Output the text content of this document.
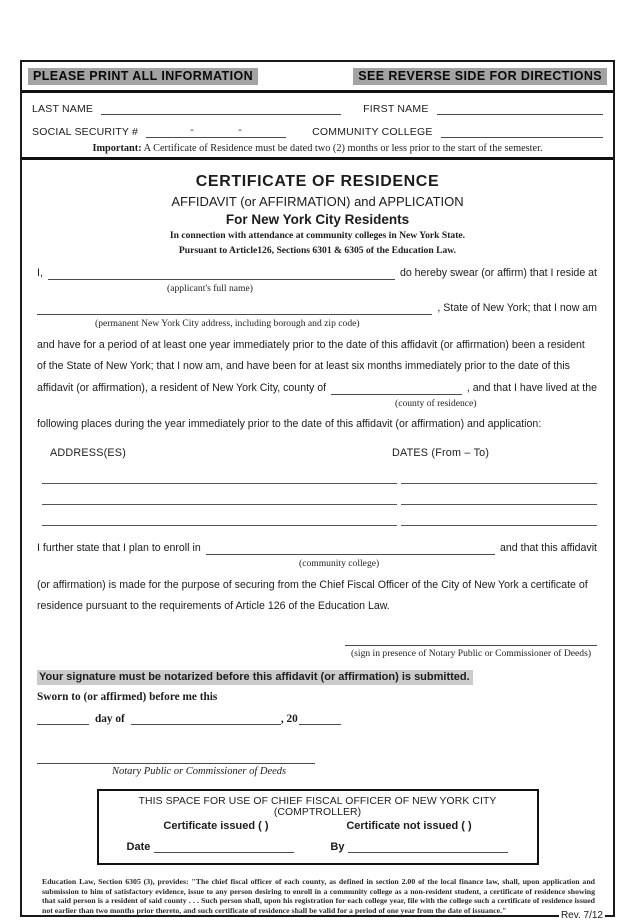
PLEASE PRINT ALL INFORMATION	SEE REVERSE SIDE FOR DIRECTIONS
LAST NAME	FIRST NAME
SOCIAL SECURITY #	-	-	COMMUNITY COLLEGE
Important: A Certificate of Residence must be dated two (2) months or less prior to the start of the semester.
CERTIFICATE OF RESIDENCE
AFFIDAVIT (or AFFIRMATION) and APPLICATION
For New York City Residents
In connection with attendance at community colleges in New York State.
Pursuant to Article126, Sections 6301 & 6305 of the Education Law.
I,	do hereby swear (or affirm) that I reside at
(applicant's full name)
, State of New York; that I now am
(permanent New York City address, including borough and zip code)
and have for a period of at least one year immediately prior to the date of this affidavit (or affirmation) been a resident
of the State of New York; that I now am, and have been for at least six months immediately prior to the date of this
affidavit (or affirmation), a resident of New York City, county of	, and that I have lived at the
(county of residence)
following places during the year immediately prior to the date of this affidavit (or affirmation) and application:
ADDRESS(ES)	DATES (From – To)
I further state that I plan to enroll in	and that this affidavit
(community college)
(or affirmation) is made for the purpose of securing from the Chief Fiscal Officer of the City of New York a certificate of
residence pursuant to the requirements of Article 126 of the Education Law.
(sign in presence of Notary Public or Commissioner of Deeds)
Your signature must be notarized before this affidavit (or affirmation) is submitted.
Sworn to (or affirmed) before me this
day of	, 20
Notary Public or Commissioner of Deeds
THIS SPACE FOR USE OF CHIEF FISCAL OFFICER OF NEW YORK CITY (COMPTROLLER)
Certificate issued ( )	Certificate not issued ( )
Date	By
Education Law, Section 6305 (3), provides: "The chief fiscal officer of each county, as defined in section 2.00 of the local finance law, shall, upon application and submission to him of satisfactory evidence, issue to any person desiring to enroll in a community college as a non-resident student, a certificate of residence showing that said person is a resident of said county . . . Such person shall, upon his registration for each college year, file with the college such a certificate of residence issued not earlier than two months prior thereto, and such certificate of residence shall be valid for a period of one year from the date of issuance."
Rev. 7/12
